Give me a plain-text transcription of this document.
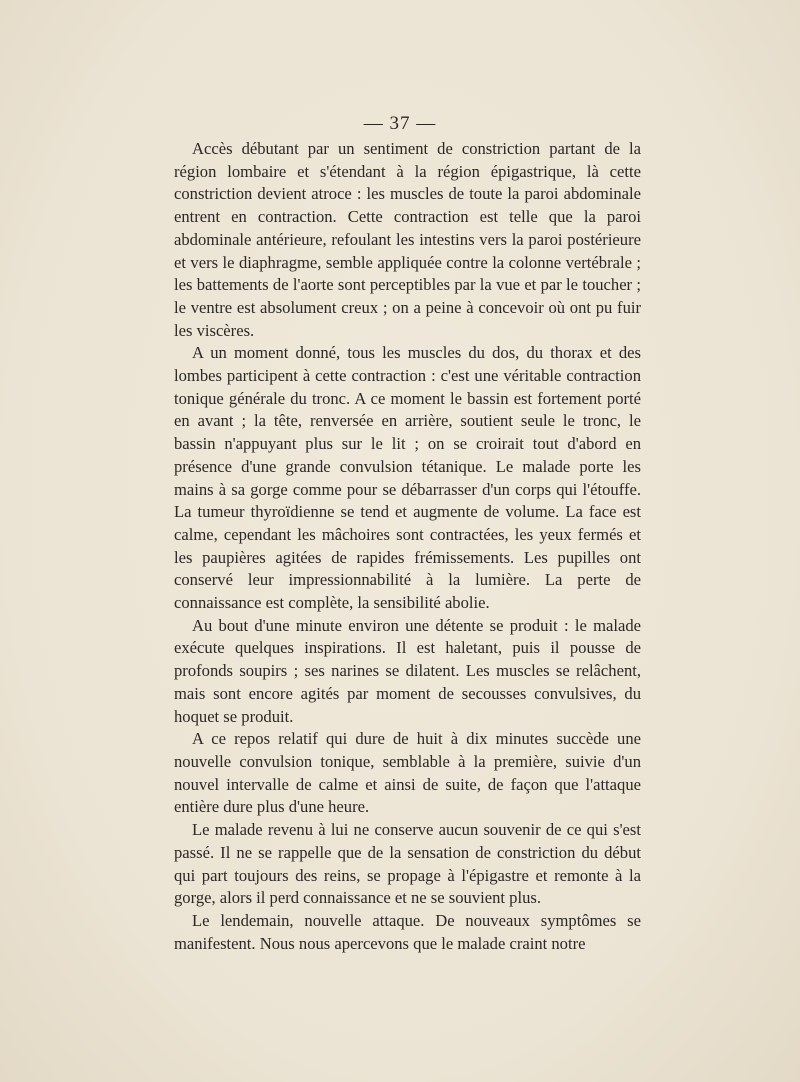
— 37 —

Accès débutant par un sentiment de constriction partant de la région lombaire et s'étendant à la région épigastrique, là cette constriction devient atroce : les muscles de toute la paroi abdominale entrent en contraction. Cette contraction est telle que la paroi abdominale antérieure, refoulant les intestins vers la paroi postérieure et vers le diaphragme, semble appliquée contre la colonne vertébrale ; les battements de l'aorte sont perceptibles par la vue et par le toucher ; le ventre est absolument creux ; on a peine à concevoir où ont pu fuir les viscères.

A un moment donné, tous les muscles du dos, du thorax et des lombes participent à cette contraction : c'est une véritable contraction tonique générale du tronc. A ce moment le bassin est fortement porté en avant ; la tête, renversée en arrière, soutient seule le tronc, le bassin n'appuyant plus sur le lit ; on se croirait tout d'abord en présence d'une grande convulsion tétanique. Le malade porte les mains à sa gorge comme pour se débarrasser d'un corps qui l'étouffe. La tumeur thyroïdienne se tend et augmente de volume. La face est calme, cependant les mâchoires sont contractées, les yeux fermés et les paupières agitées de rapides frémissements. Les pupilles ont conservé leur impressionnabilité à la lumière. La perte de connaissance est complète, la sensibilité abolie.

Au bout d'une minute environ une détente se produit : le malade exécute quelques inspirations. Il est haletant, puis il pousse de profonds soupirs ; ses narines se dilatent. Les muscles se relâchent, mais sont encore agités par moment de secousses convulsives, du hoquet se produit.

A ce repos relatif qui dure de huit à dix minutes succède une nouvelle convulsion tonique, semblable à la première, suivie d'un nouvel intervalle de calme et ainsi de suite, de façon que l'attaque entière dure plus d'une heure.

Le malade revenu à lui ne conserve aucun souvenir de ce qui s'est passé. Il ne se rappelle que de la sensation de constriction du début qui part toujours des reins, se propage à l'épigastre et remonte à la gorge, alors il perd connaissance et ne se souvient plus.

Le lendemain, nouvelle attaque. De nouveaux symptômes se manifestent. Nous nous apercevons que le malade craint notre
